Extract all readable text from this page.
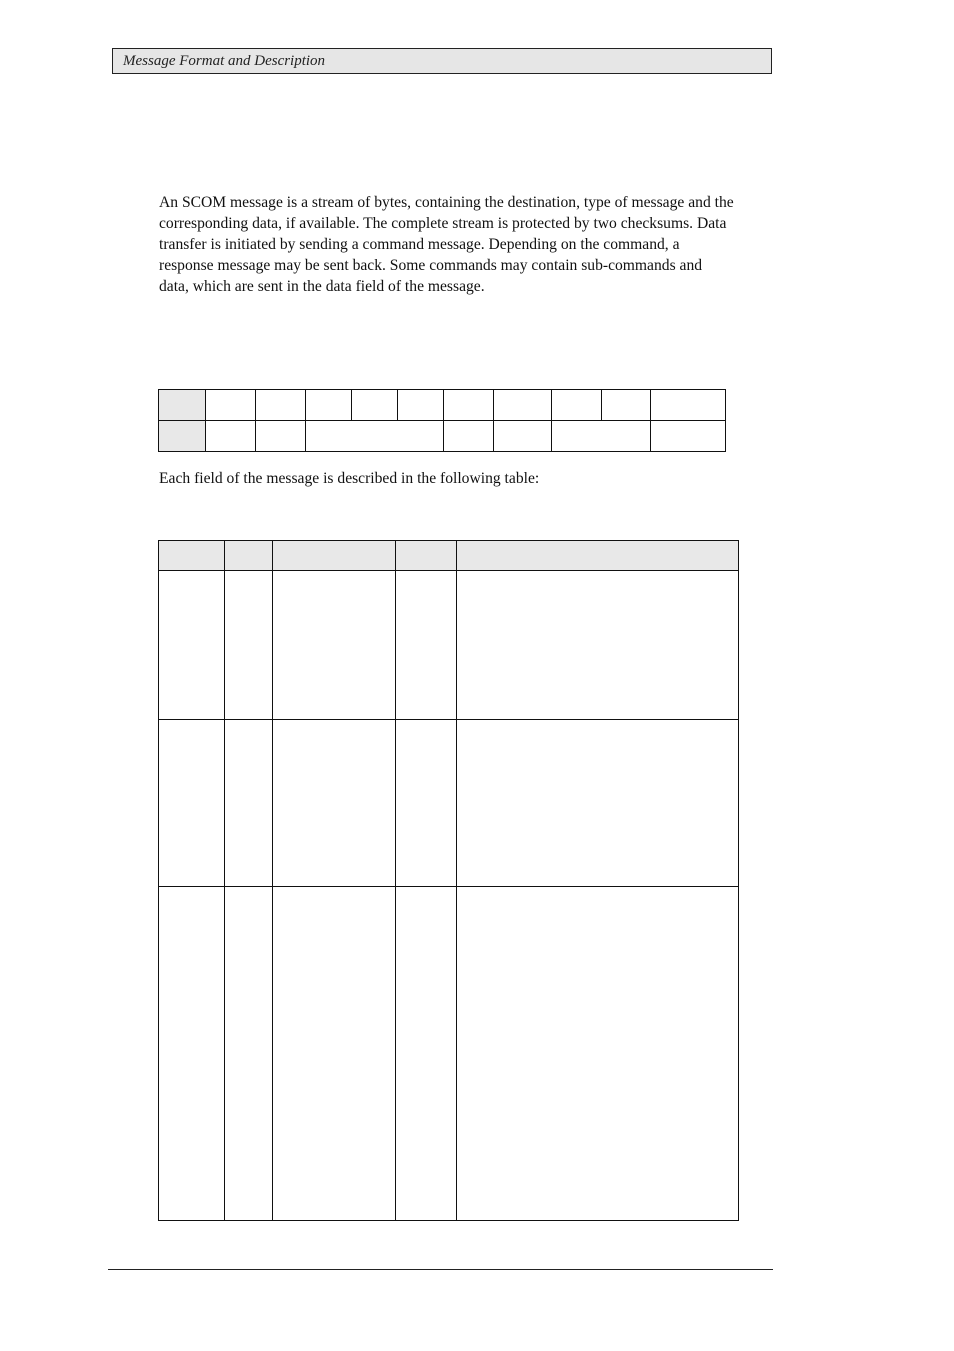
Message Format and Description

An SCOM message is a stream of bytes, containing the destination, type of message and the corresponding data, if available. The complete stream is protected by two checksums. Data transfer is initiated by sending a command message. Depending on the command, a response message may be sent back. Some commands may contain sub-commands and data, which are sent in the data field of the message.

Each field of the message is described in the following table:
